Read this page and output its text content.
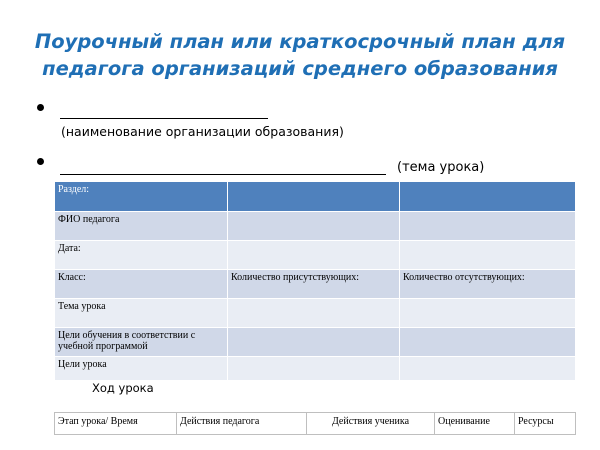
Поурочный план или краткосрочный план для
педагога организаций среднего образования
(наименование организации образования)
(тема урока)
Раздел:		
ФИО педагога		
Дата:		
Класс:	Количество присутствующих:	Количество отсутствующих:
Тема урока		
Цели обучения в соответствии с учебной программой		
Цели урока		
Ход урока
Этап урока/ Время	Действия педагога	Действия ученика	Оценивание	Ресурсы
